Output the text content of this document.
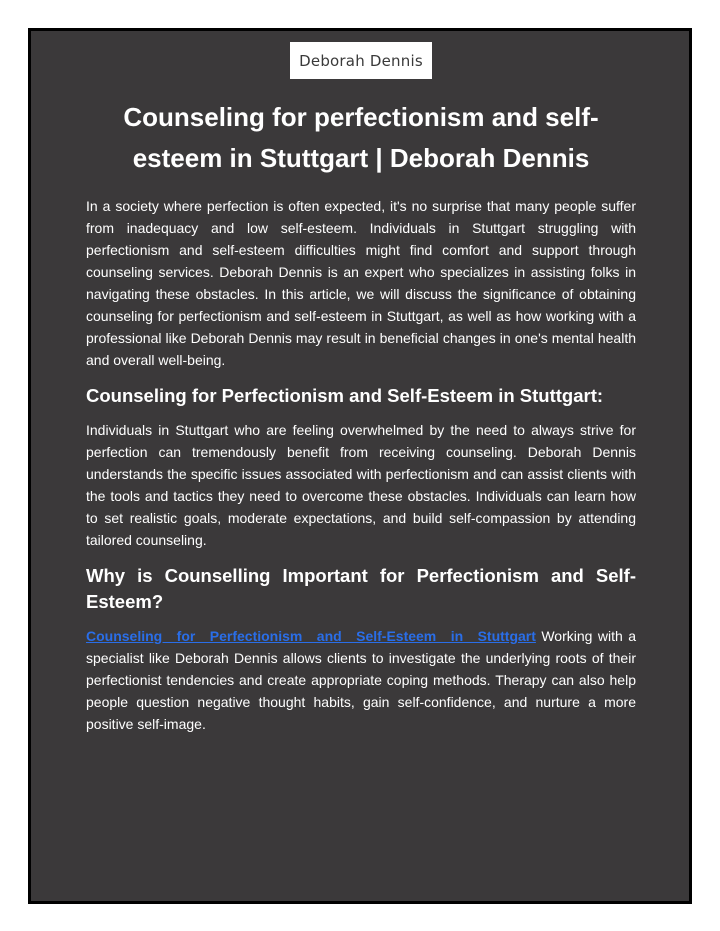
Deborah Dennis
Counseling for perfectionism and self-esteem in Stuttgart | Deborah Dennis

In a society where perfection is often expected, it's no surprise that many people suffer from inadequacy and low self-esteem. Individuals in Stuttgart struggling with perfectionism and self-esteem difficulties might find comfort and support through counseling services. Deborah Dennis is an expert who specializes in assisting folks in navigating these obstacles. In this article, we will discuss the significance of obtaining counseling for perfectionism and self-esteem in Stuttgart, as well as how working with a professional like Deborah Dennis may result in beneficial changes in one's mental health and overall well-being.

Counseling for Perfectionism and Self-Esteem in Stuttgart:

Individuals in Stuttgart who are feeling overwhelmed by the need to always strive for perfection can tremendously benefit from receiving counseling. Deborah Dennis understands the specific issues associated with perfectionism and can assist clients with the tools and tactics they need to overcome these obstacles. Individuals can learn how to set realistic goals, moderate expectations, and build self-compassion by attending tailored counseling.

Why is Counselling Important for Perfectionism and Self-Esteem?

Counseling for Perfectionism and Self-Esteem in Stuttgart Working with a specialist like Deborah Dennis allows clients to investigate the underlying roots of their perfectionist tendencies and create appropriate coping methods. Therapy can also help people question negative thought habits, gain self-confidence, and nurture a more positive self-image.
